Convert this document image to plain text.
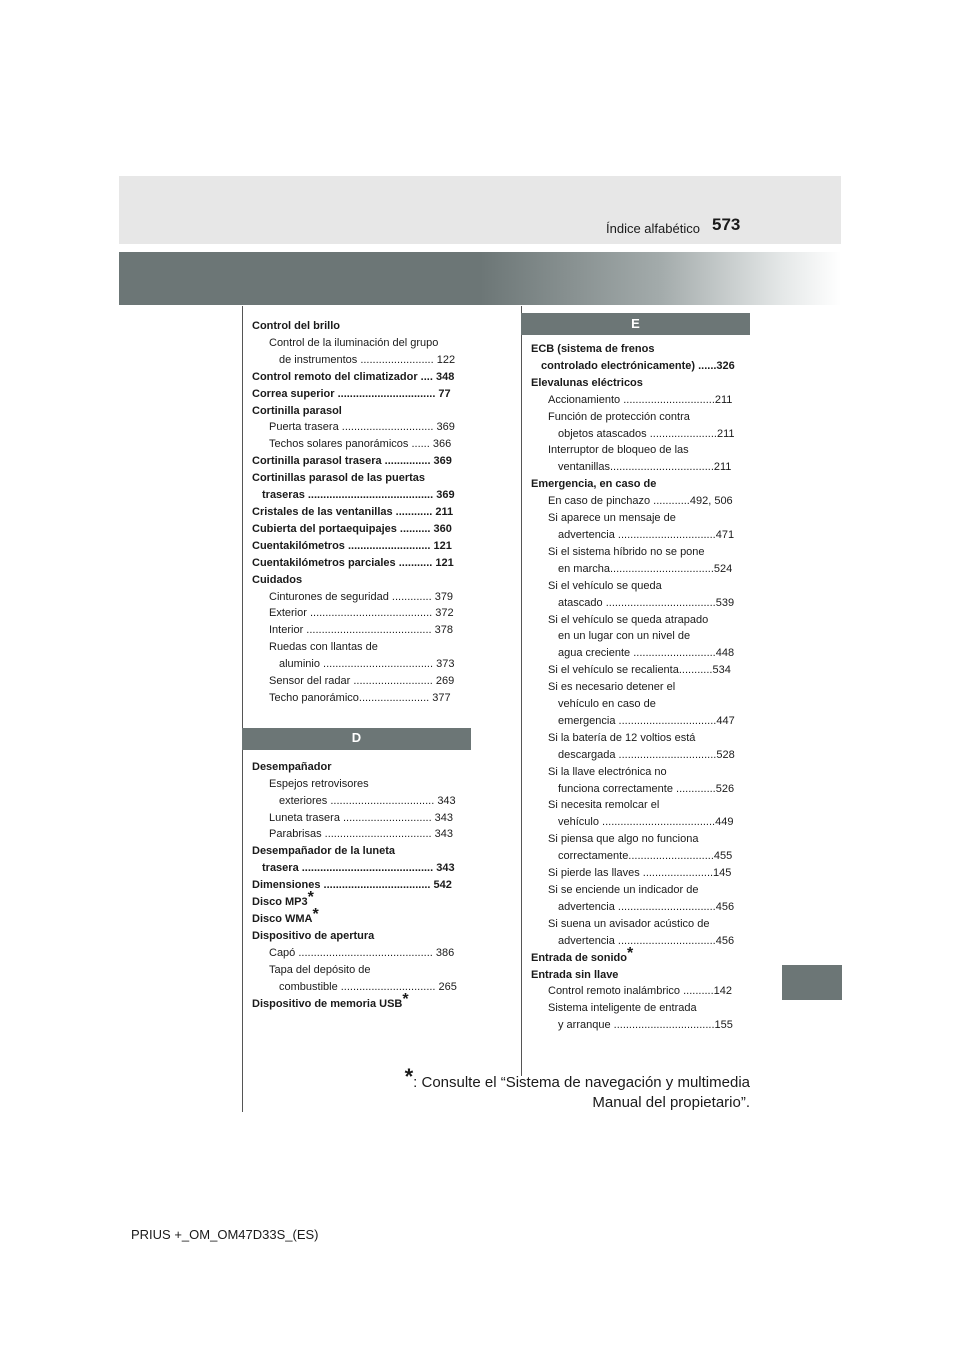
Índice alfabético 573
Control del brillo
Control de la iluminación del grupo
de instrumentos ........................ 122
Control remoto del climatizador .... 348
Correa superior ................................ 77
Cortinilla parasol
Puerta trasera .............................. 369
Techos solares panorámicos ...... 366
Cortinilla parasol trasera ............... 369
Cortinillas parasol de las puertas
traseras ......................................... 369
Cristales de las ventanillas ............ 211
Cubierta del portaequipajes .......... 360
Cuentakilómetros ........................... 121
Cuentakilómetros parciales ........... 121
Cuidados
Cinturones de seguridad ............. 379
Exterior ........................................ 372
Interior ......................................... 378
Ruedas con llantas de
aluminio .................................... 373
Sensor del radar .......................... 269
Techo panorámico....................... 377
D
Desempañador
Espejos retrovisores
exteriores .................................. 343
Luneta trasera ............................. 343
Parabrisas ................................... 343
Desempañador de la luneta
trasera ........................................... 343
Dimensiones ................................... 542
Disco MP3*
Disco WMA*
Dispositivo de apertura
Capó ............................................ 386
Tapa del depósito de
combustible ............................... 265
Dispositivo de memoria USB*
E
ECB (sistema de frenos
controlado electrónicamente) ......326
Elevalunas eléctricos
Accionamiento ..............................211
Función de protección contra
objetos atascados ......................211
Interruptor de bloqueo de las
ventanillas..................................211
Emergencia, en caso de
En caso de pinchazo ............492, 506
Si aparece un mensaje de
advertencia ................................471
Si el sistema híbrido no se pone
en marcha..................................524
Si el vehículo se queda
atascado ....................................539
Si el vehículo se queda atrapado
en un lugar con un nivel de
agua creciente ...........................448
Si el vehículo se recalienta...........534
Si es necesario detener el
vehículo en caso de
emergencia ................................447
Si la batería de 12 voltios está
descargada ................................528
Si la llave electrónica no
funciona correctamente .............526
Si necesita remolcar el
vehículo .....................................449
Si piensa que algo no funciona
correctamente............................455
Si pierde las llaves .......................145
Si se enciende un indicador de
advertencia ................................456
Si suena un avisador acústico de
advertencia ................................456
Entrada de sonido*
Entrada sin llave
Control remoto inalámbrico ..........142
Sistema inteligente de entrada
y arranque .................................155
*: Consulte el “Sistema de navegación y multimedia
Manual del propietario”.
PRIUS +_OM_OM47D33S_(ES)
